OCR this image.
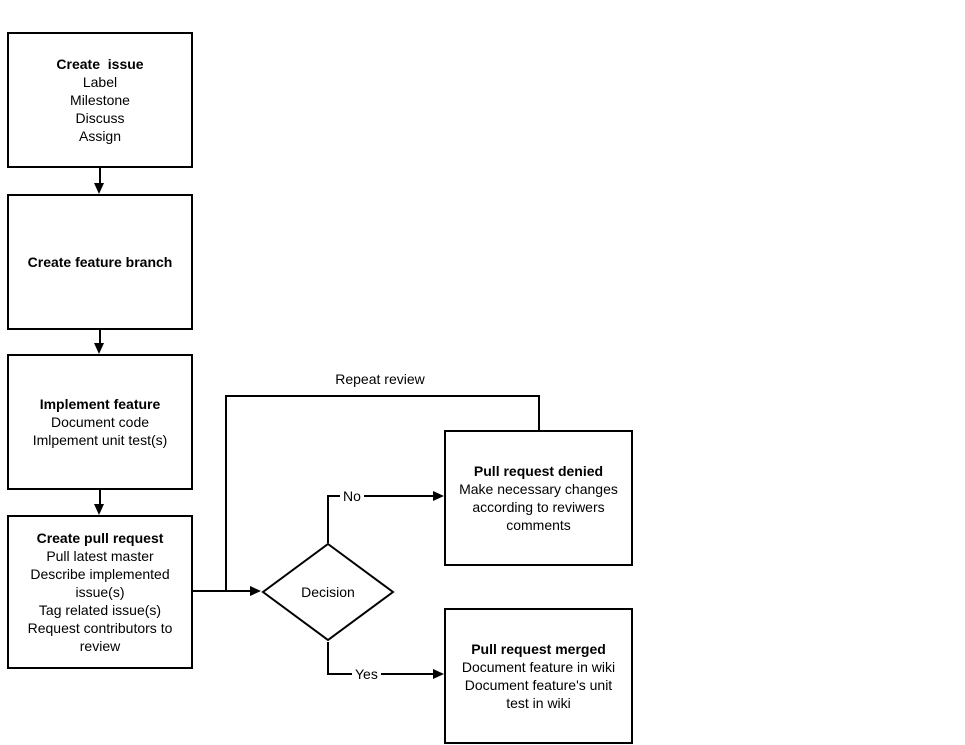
Create  issue
Label
Milestone
Discuss
Assign
Create feature branch
Implement feature
Document code
Imlpement unit test(s)
Create pull request
Pull latest master
Describe implemented
issue(s)
Tag related issue(s)
Request contributors to
review
Repeat review
Decision
No
Pull request denied
Make necessary changes
according to reviwers
comments
Yes
Pull request merged
Document feature in wiki
Document feature's unit
test in wiki
